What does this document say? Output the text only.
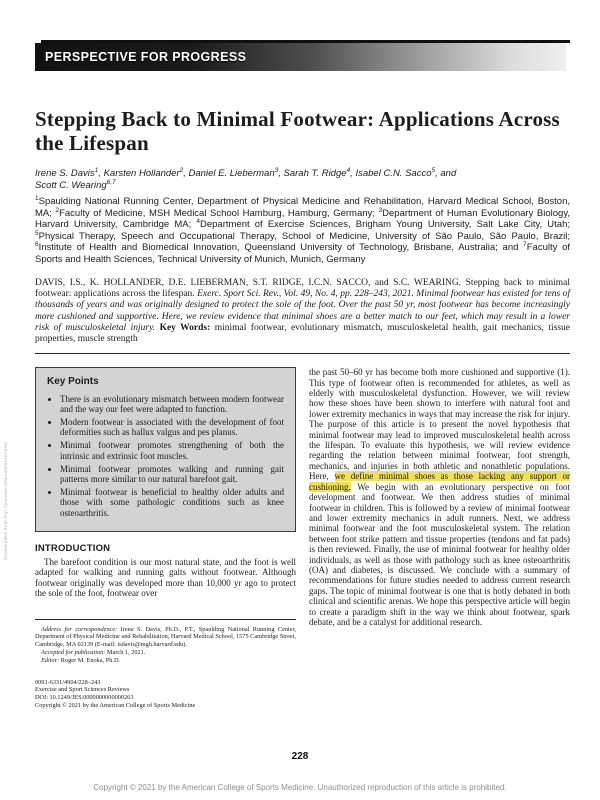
Downloaded from http://journals.lww.com/acsm-essr
PERSPECTIVE FOR PROGRESS
Stepping Back to Minimal Footwear: Applications Across the Lifespan

Irene S. Davis$^1$, Karsten Hollander$^2$, Daniel E. Lieberman$^3$, Sarah T. Ridge$^4$, Isabel C.N. Sacco$^5$, and
Scott C. Wearing$^{6,7}$

$^1$Spaulding National Running Center, Department of Physical Medicine and Rehabilitation, Harvard Medical School, Boston, MA; $^2$Faculty of Medicine, MSH Medical School Hamburg, Hamburg, Germany; $^3$Department of Human Evolutionary Biology, Harvard University, Cambridge MA; $^4$Department of Exercise Sciences, Brigham Young University, Salt Lake City, Utah; $^5$Physical Therapy, Speech and Occupational Therapy, School of Medicine, University of São Paulo, São Paulo, Brazil; $^6$Institute of Health and Biomedical Innovation, Queensland University of Technology, Brisbane, Australia; and $^7$Faculty of Sports and Health Sciences, Technical University of Munich, Munich, Germany

DAVIS, I.S., K. HOLLANDER, D.E. LIEBERMAN, S.T. RIDGE, I.C.N. SACCO, and S.C. WEARING. Stepping back to minimal footwear: applications across the lifespan. Exerc. Sport Sci. Rev., Vol. 49, No. 4, pp. 228–243, 2021. Minimal footwear has existed for tens of thousands of years and was originally designed to protect the sole of the foot. Over the past 50 yr, most footwear has become increasingly more cushioned and supportive. Here, we review evidence that minimal shoes are a better match to our feet, which may result in a lower risk of musculoskeletal injury. Key Words: minimal footwear, evolutionary mismatch, musculoskeletal health, gait mechanics, tissue properties, muscle strength

Key Points

• There is an evolutionary mismatch between modern footwear and the way our feet were adapted to function.
• Modern footwear is associated with the development of foot deformities such as hallux valgus and pes planus.
• Minimal footwear promotes strengthening of both the intrinsic and extrinsic foot muscles.
• Minimal footwear promotes walking and running gait patterns more similar to our natural barefoot gait.
• Minimal footwear is beneficial to healthy older adults and those with some pathologic conditions such as knee osteoarthritis.
INTRODUCTION

The barefoot condition is our most natural state, and the foot is well adapted for walking and running gaits without footwear. Although footwear originally was developed more than 10,000 yr ago to protect the sole of the foot, footwear over

Address for correspondence: Irene S. Davis, Ph.D., P.T., Spaulding National Running Center, Department of Physical Medicine and Rehabilitation, Harvard Medical School, 1575 Cambridge Street, Cambridge, MA 02139 (E-mail: isdavis@mgh.harvard.edu).

Accepted for publication: March 1, 2021.

Editor: Roger M. Enoka, Ph.D.

0091-6331/4904/228–243
Exercise and Sport Sciences Reviews
DOI: 10.1249/JES.0000000000000263
Copyright © 2021 by the American College of Sports Medicine

the past 50–60 yr has become both more cushioned and supportive (1). This type of footwear often is recommended for athletes, as well as elderly with musculoskeletal dysfunction. However, we will review how these shoes have been shown to interfere with natural foot and lower extremity mechanics in ways that may increase the risk for injury. The purpose of this article is to present the novel hypothesis that minimal footwear may lead to improved musculoskeletal health across the lifespan. To evaluate this hypothesis, we will review evidence regarding the relation between minimal footwear, foot strength, mechanics, and injuries in both athletic and nonathletic populations. Here, we define minimal shoes as those lacking any support or cushioning. We begin with an evolutionary perspective on foot development and footwear. We then address studies of minimal footwear in children. This is followed by a review of minimal footwear and lower extremity mechanics in adult runners. Next, we address minimal footwear and the foot musculoskeletal system. The relation between foot strike pattern and tissue properties (tendons and fat pads) is then reviewed. Finally, the use of minimal footwear for healthy older individuals, as well as those with pathology such as knee osteoarthritis (OA) and diabetes, is discussed. We conclude with a summary of recommendations for future studies needed to address current research gaps. The topic of minimal footwear is one that is hotly debated in both clinical and scientific arenas. We hope this perspective article will begin to create a paradigm shift in the way we think about footwear, spark debate, and be a catalyst for additional research.

228
Copyright © 2021 by the American College of Sports Medicine. Unauthorized reproduction of this article is prohibited.
